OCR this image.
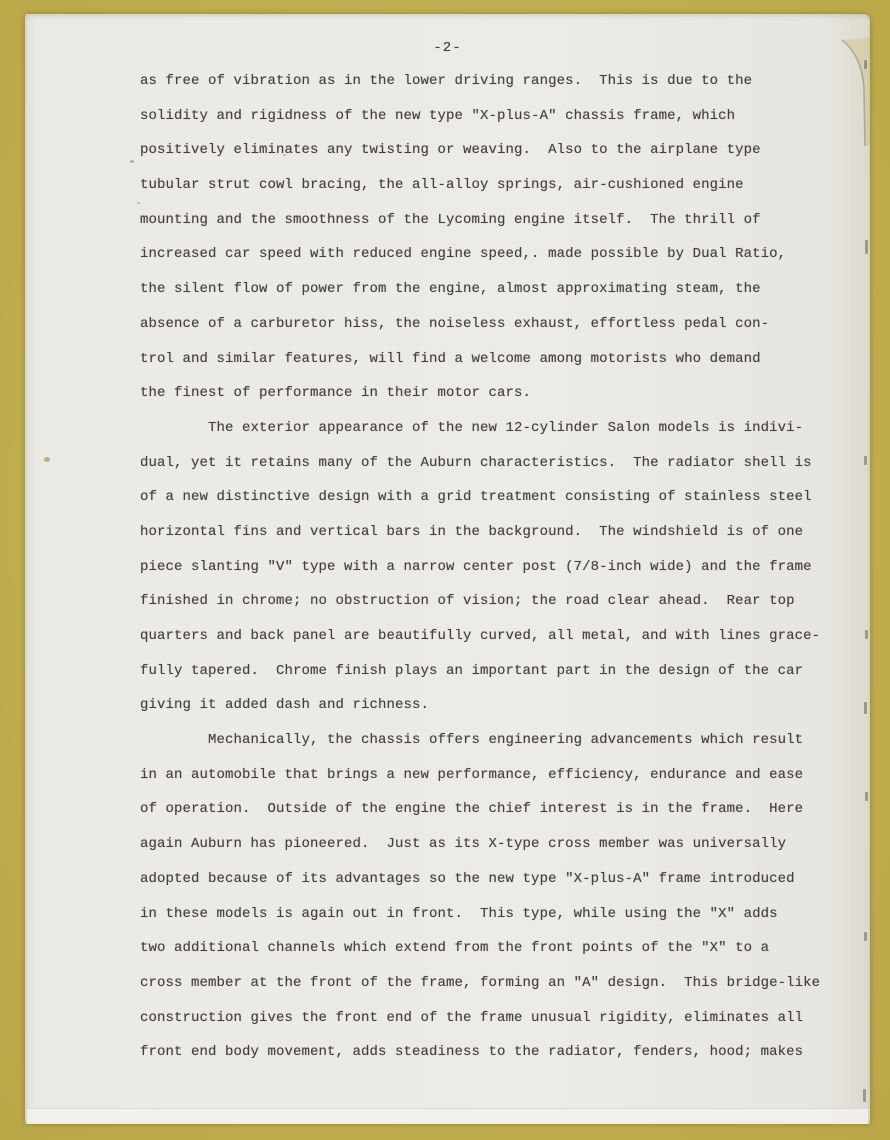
-2-
as free of vibration as in the lower driving ranges.  This is due to the
solidity and rigidness of the new type "X-plus-A" chassis frame, which
positively eliminates any twisting or weaving.  Also to the airplane type
tubular strut cowl bracing, the all-alloy springs, air-cushioned engine
mounting and the smoothness of the Lycoming engine itself.  The thrill of
increased car speed with reduced engine speed,. made possible by Dual Ratio,
the silent flow of power from the engine, almost approximating steam, the
absence of a carburetor hiss, the noiseless exhaust, effortless pedal con-
trol and similar features, will find a welcome among motorists who demand
the finest of performance in their motor cars.
The exterior appearance of the new 12-cylinder Salon models is indivi-
dual, yet it retains many of the Auburn characteristics.  The radiator shell is
of a new distinctive design with a grid treatment consisting of stainless steel
horizontal fins and vertical bars in the background.  The windshield is of one
piece slanting "V" type with a narrow center post (7/8-inch wide) and the frame
finished in chrome; no obstruction of vision; the road clear ahead.  Rear top
quarters and back panel are beautifully curved, all metal, and with lines grace-
fully tapered.  Chrome finish plays an important part in the design of the car
giving it added dash and richness.
Mechanically, the chassis offers engineering advancements which result
in an automobile that brings a new performance, efficiency, endurance and ease
of operation.  Outside of the engine the chief interest is in the frame.  Here
again Auburn has pioneered.  Just as its X-type cross member was universally
adopted because of its advantages so the new type "X-plus-A" frame introduced
in these models is again out in front.  This type, while using the "X" adds
two additional channels which extend from the front points of the "X" to a
cross member at the front of the frame, forming an "A" design.  This bridge-like
construction gives the front end of the frame unusual rigidity, eliminates all
front end body movement, adds steadiness to the radiator, fenders, hood; makes
